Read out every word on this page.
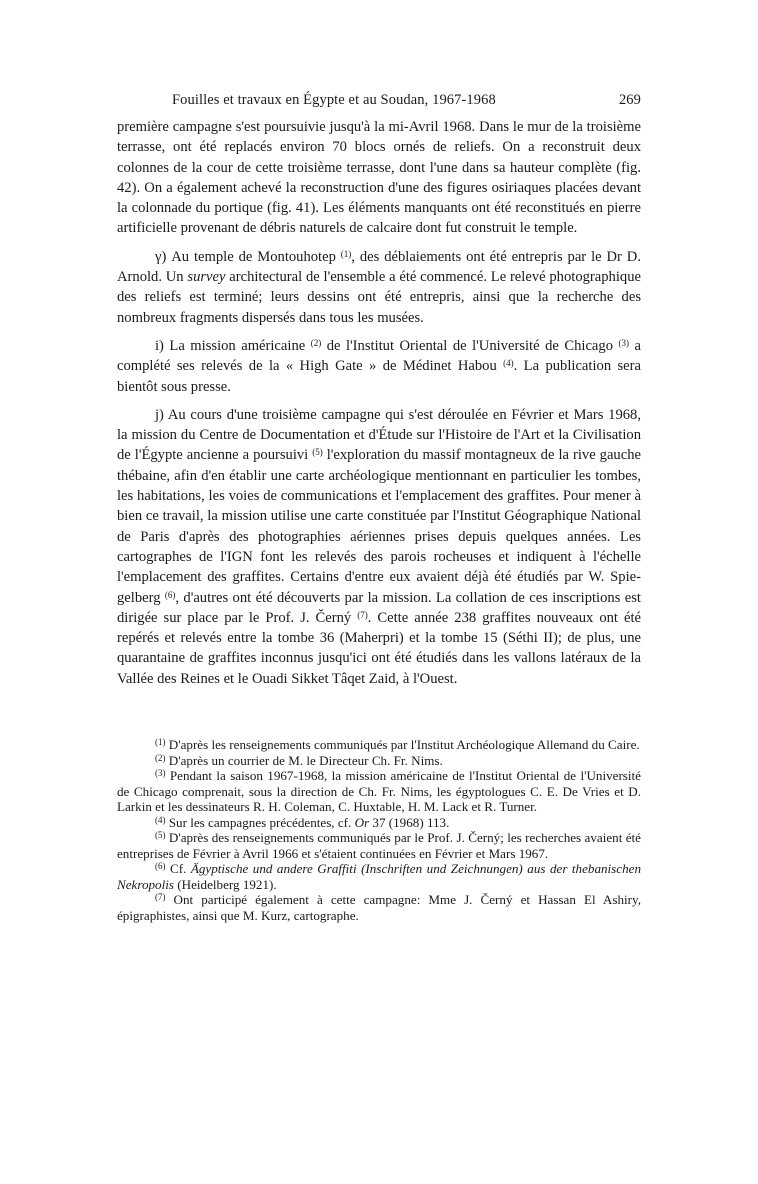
Fouilles et travaux en Égypte et au Soudan, 1967-1968	269

première campagne s'est poursuivie jusqu'à la mi-Avril 1968. Dans le mur de la troisième terrasse, ont été replacés environ 70 blocs ornés de reliefs. On a reconstruit deux colonnes de la cour de cette troisième terrasse, dont l'une dans sa hauteur complète (fig. 42). On a également achevé la reconstruction d'une des figures osiriaques placées devant la colonnade du portique (fig. 41). Les éléments manquants ont été reconstitués en pierre artificielle provenant de débris naturels de calcaire dont fut construit le temple.

γ) Au temple de Montouhotep $^{(1)}$, des déblaiements ont été entrepris par le Dr D. Arnold. Un survey architectural de l'ensemble a été commencé. Le relevé photographique des reliefs est terminé; leurs dessins ont été entrepris, ainsi que la recherche des nombreux fragments dispersés dans tous les musées.

i) La mission américaine $^{(2)}$ de l'Institut Oriental de l'Université de Chicago $^{(3)}$ a complété ses relevés de la « High Gate » de Médinet Habou $^{(4)}$. La publication sera bientôt sous presse.

j) Au cours d'une troisième campagne qui s'est déroulée en Février et Mars 1968, la mission du Centre de Documentation et d'Étude sur l'Histoire de l'Art et la Civilisation de l'Égypte ancienne a poursuivi $^{(5)}$ l'exploration du massif montagneux de la rive gauche thébaine, afin d'en établir une carte archéologique mentionnant en particulier les tombes, les habitations, les voies de communications et l'emplacement des graffites. Pour mener à bien ce travail, la mission utilise une carte constituée par l'Institut Géographique National de Paris d'après des photographies aériennes prises depuis quelques années. Les cartographes de l'IGN font les relevés des parois rocheuses et indiquent à l'échelle l'emplacement des graffites. Certains d'entre eux avaient déjà été étudiés par W. Spiegelberg $^{(6)}$, d'autres ont été découverts par la mission. La collation de ces inscriptions est dirigée sur place par le Prof. J. Černý $^{(7)}$. Cette année 238 graffites nouveaux ont été repérés et relevés entre la tombe 36 (Maherpri) et la tombe 15 (Séthi II); de plus, une quarantaine de graffites inconnus jusqu'ici ont été étudiés dans les vallons latéraux de la Vallée des Reines et le Ouadi Sikket Tâqet Zaid, à l'Ouest.

$^{(1)}$ D'après les renseignements communiqués par l'Institut Archéologique Allemand du Caire.

$^{(2)}$ D'après un courrier de M. le Directeur Ch. Fr. Nims.

$^{(3)}$ Pendant la saison 1967-1968, la mission américaine de l'Institut Oriental de l'Université de Chicago comprenait, sous la direction de Ch. Fr. Nims, les égyptologues C. E. De Vries et D. Larkin et les dessinateurs R. H. Coleman, C. Huxtable, H. M. Lack et R. Turner.

$^{(4)}$ Sur les campagnes précédentes, cf. Or 37 (1968) 113.

$^{(5)}$ D'après des renseignements communiqués par le Prof. J. Černý; les recherches avaient été entreprises de Février à Avril 1966 et s'étaient continuées en Février et Mars 1967.

$^{(6)}$ Cf. Ägyptische und andere Graffiti (Inschriften und Zeichnungen) aus der thebanischen Nekropolis (Heidelberg 1921).

$^{(7)}$ Ont participé également à cette campagne: Mme J. Černý et Hassan El Ashiry, épigraphistes, ainsi que M. Kurz, cartographe.
